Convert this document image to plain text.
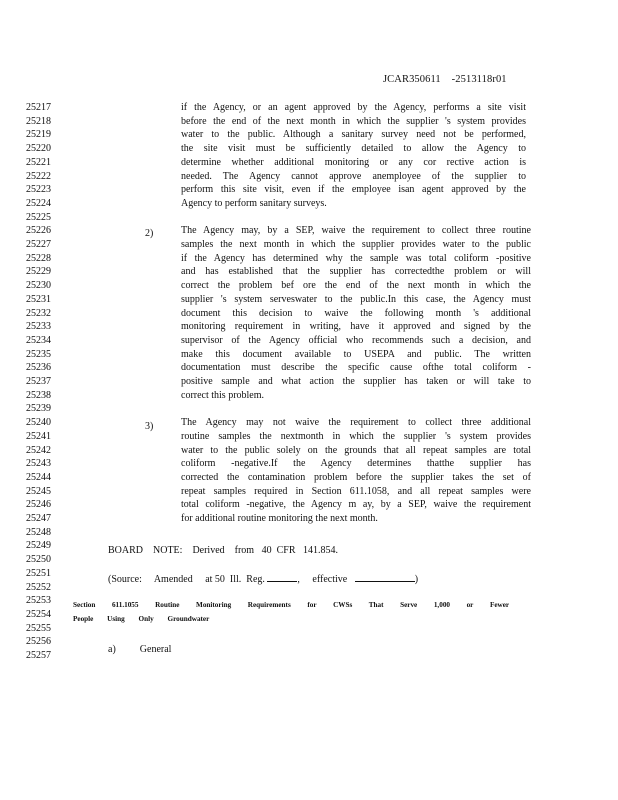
JCAR350611    -2513118r01
25217
25218
25219
25220
25221
25222
25223
25224
25225
25226
25227
25228
25229
25230
25231
25232
25233
25234
25235
25236
25237
25238
25239
25240
25241
25242
25243
25244
25245
25246
25247
25248
25249
25250
25251
25252
25253
25254
25255
25256
25257
if the Agency, or an agent approved by the Agency, performs a site visit
before the end of the next month in which the supplier 's system provides
water to the public. Although a sanitary survey need not be performed,
the site visit must be sufficiently detailed to allow the Agency to
determine whether additional monitoring or any cor rective action is
needed. The Agency cannot approve anemployee of the supplier to
perform this site visit, even if the employee isan agent approved by the
Agency to perform sanitary surveys.
2)	The Agency may, by a SEP, waive the requirement to collect three routine
samples the next month in which the supplier provides water to the public
if the Agency has determined why the sample was total coliform -positive
and has established that the supplier has correctedthe problem or will
correct the problem bef ore the end of the next month in which the
supplier 's system serveswater to the public.In this case, the Agency must
document this decision to waive the following month 's additional
monitoring requirement in writing, have it approved and signed by the
supervisor of the Agency official who recommends such a decision, and
make this document available to USEPA and public. The written
documentation must describe the specific cause ofthe total coliform -
positive sample and what action the supplier has taken or will take to
correct this problem.
3)	The Agency may not waive the requirement to collect three additional
routine samples the nextmonth in which the supplier 's system provides
water to the public solely on the grounds that all repeat samples are total
coliform -negative.If the Agency determines thatthe supplier has
corrected the contamination problem before the supplier takes the set of
repeat samples required in Section 611.1058, and all repeat samples were
total coliform -negative, the Agency m ay, by a SEP, waive the requirement
for additional routine monitoring the next month.
BOARD    NOTE:    Derived    from   40  CFR   141.854.
(Source:     Amended     at 50  Ill.  Reg.	,     effective	)
Section 611.1055 Routine Monitoring Requirements for CWSs That Serve 1,000 or Fewer
People Using Only Groundwater
a) General
